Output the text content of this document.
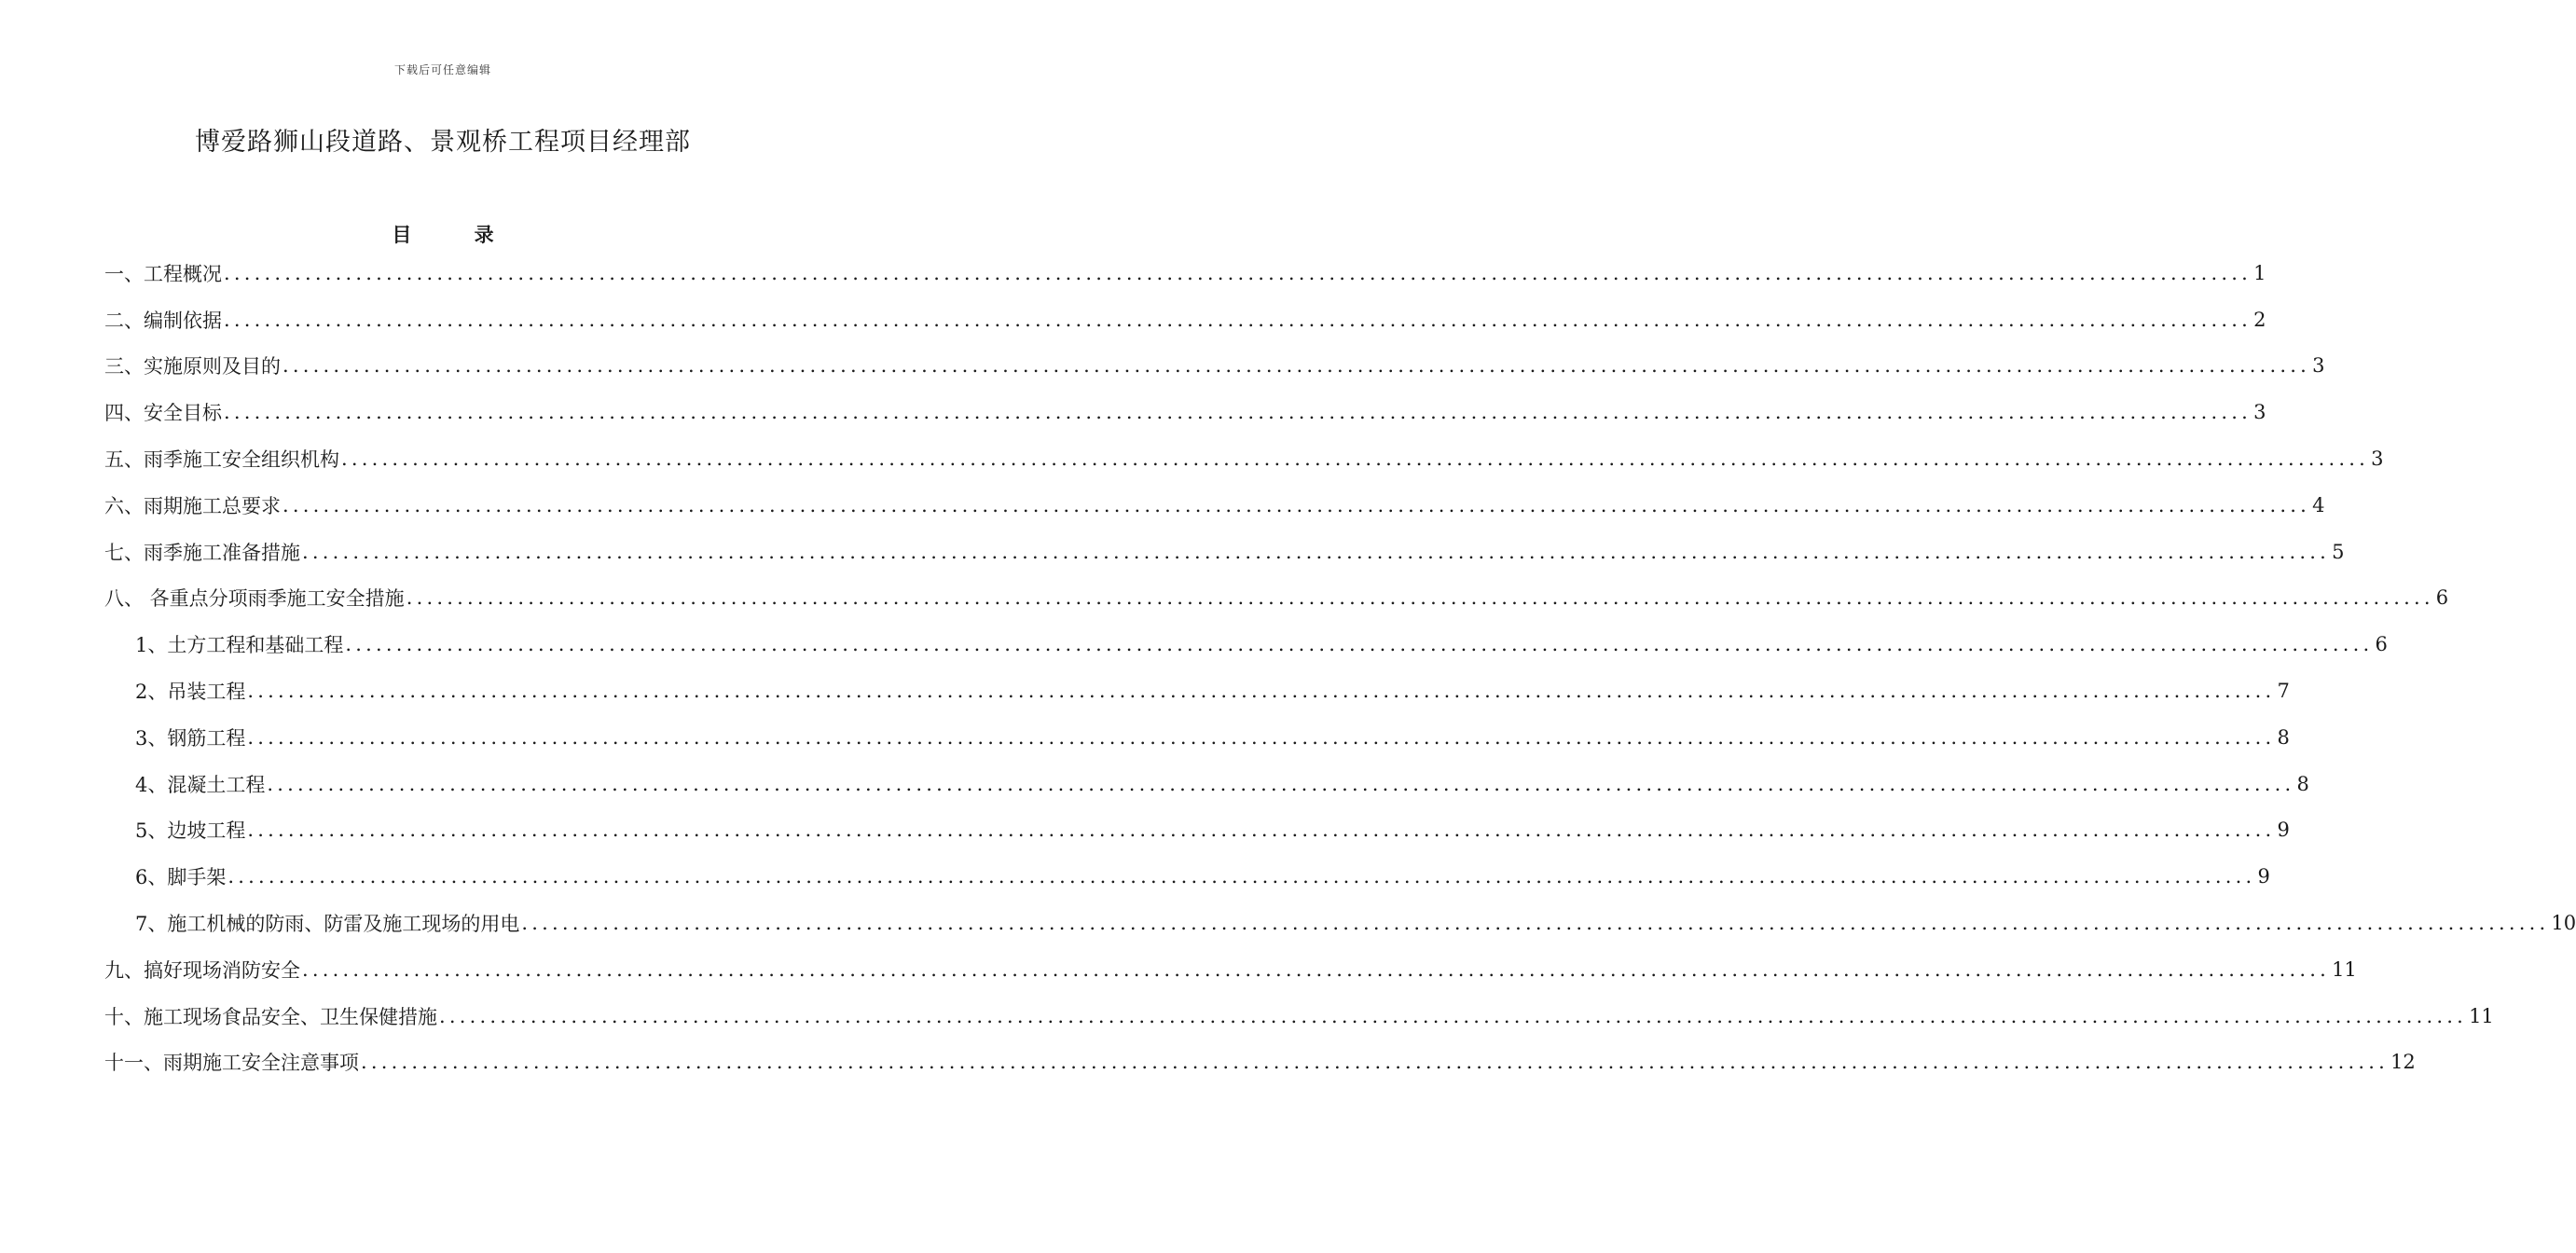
下载后可任意编辑
博爱路狮山段道路、景观桥工程项目经理部
目 录
一、工程概况 ........................................................................................................................................................................................................ 1
二、编制依据 ........................................................................................................................................................................................................ 2
三、实施原则及目的 ........................................................................................................................................................................................................ 3
四、安全目标 ........................................................................................................................................................................................................ 3
五、雨季施工安全组织机构 ........................................................................................................................................................................................................ 3
六、雨期施工总要求 ........................................................................................................................................................................................................ 4
七、雨季施工准备措施 ........................................................................................................................................................................................................ 5
八、 各重点分项雨季施工安全措施 ........................................................................................................................................................................................................ 6
1、土方工程和基础工程 ........................................................................................................................................................................................................ 6
2、吊装工程 ........................................................................................................................................................................................................ 7
3、钢筋工程 ........................................................................................................................................................................................................ 8
4、混凝土工程 ........................................................................................................................................................................................................ 8
5、边坡工程 ........................................................................................................................................................................................................ 9
6、脚手架 ........................................................................................................................................................................................................ 9
7、施工机械的防雨、防雷及施工现场的用电 ........................................................................................................................................................................................................ 10
九、搞好现场消防安全 ........................................................................................................................................................................................................ 11
十、施工现场食品安全、卫生保健措施 ........................................................................................................................................................................................................ 11
十一、雨期施工安全注意事项 ........................................................................................................................................................................................................ 12
